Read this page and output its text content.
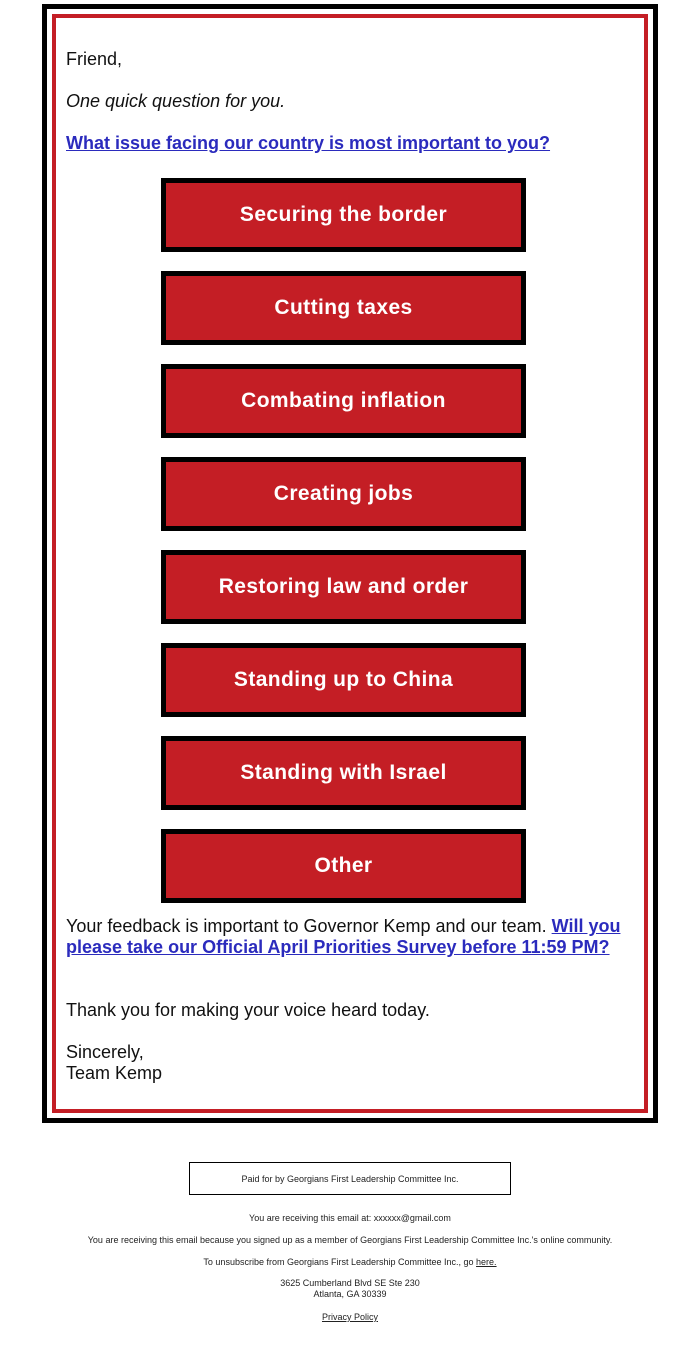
Friend,

One quick question for you.

What issue facing our country is most important to you?
Securing the border
Cutting taxes
Combating inflation
Creating jobs
Restoring law and order
Standing up to China
Standing with Israel
Other
Your feedback is important to Governor Kemp and our team. Will you please take our Official April Priorities Survey before 11:59 PM?

Thank you for making your voice heard today.

Sincerely,
Team Kemp
Paid for by Georgians First Leadership Committee Inc.
You are receiving this email at: xxxxxx@gmail.com
You are receiving this email because you signed up as a member of Georgians First Leadership Committee Inc.'s online community.
To unsubscribe from Georgians First Leadership Committee Inc., go here.
3625 Cumberland Blvd SE Ste 230
Atlanta, GA 30339
Privacy Policy
